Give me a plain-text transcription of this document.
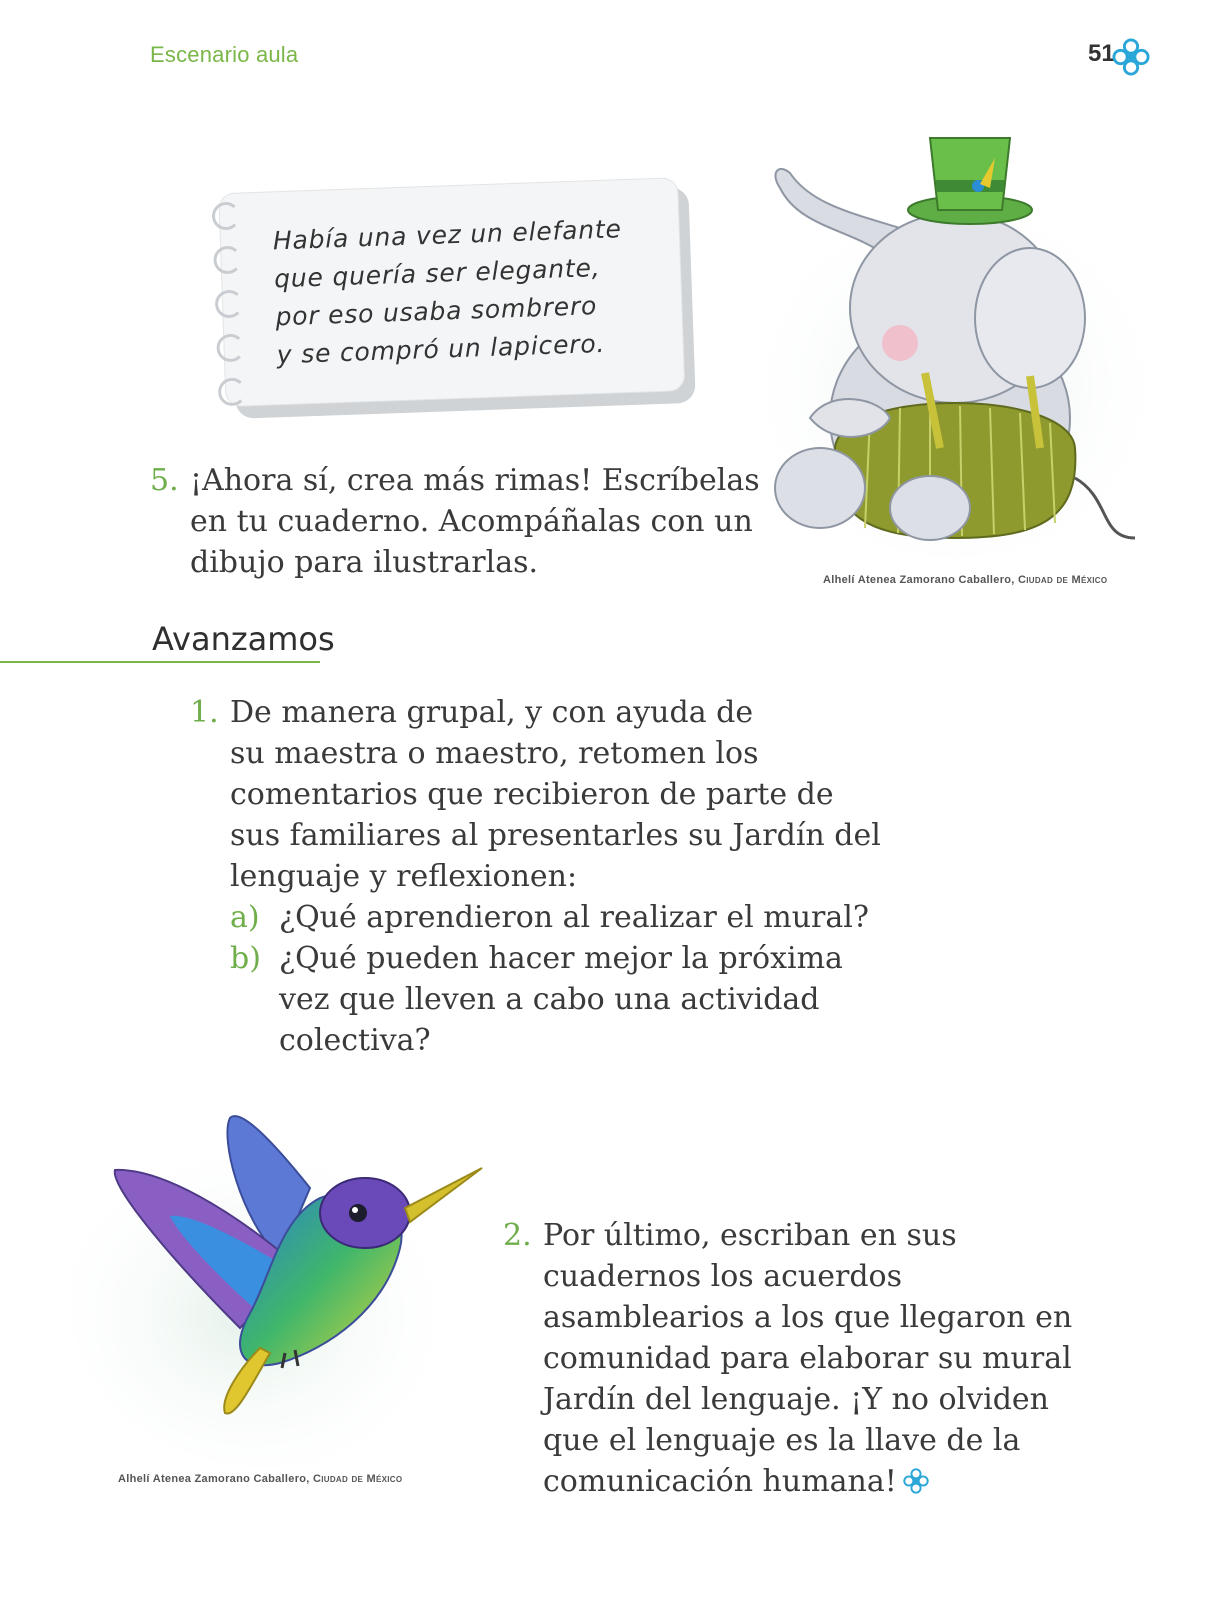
Escenario aula	51
Había una vez un elefante
que quería ser elegante,
por eso usaba sombrero
y se compró un lapicero.
Alhelí Atenea Zamorano Caballero, Ciudad de México
5. ¡Ahora sí, crea más rimas! Escríbelas
en tu cuaderno. Acompáñalas con un
dibujo para ilustrarlas.
Avanzamos
1. De manera grupal, y con ayuda de
su maestra o maestro, retomen los
comentarios que recibieron de parte de
sus familiares al presentarles su Jardín del
lenguaje y reflexionen:
a) ¿Qué aprendieron al realizar el mural?
b) ¿Qué pueden hacer mejor la próxima
vez que lleven a cabo una actividad
colectiva?
Alhelí Atenea Zamorano Caballero, Ciudad de México
2. Por último, escriban en sus
cuadernos los acuerdos
asamblearios a los que llegaron en
comunidad para elaborar su mural
Jardín del lenguaje. ¡Y no olviden
que el lenguaje es la llave de la
comunicación humana!
